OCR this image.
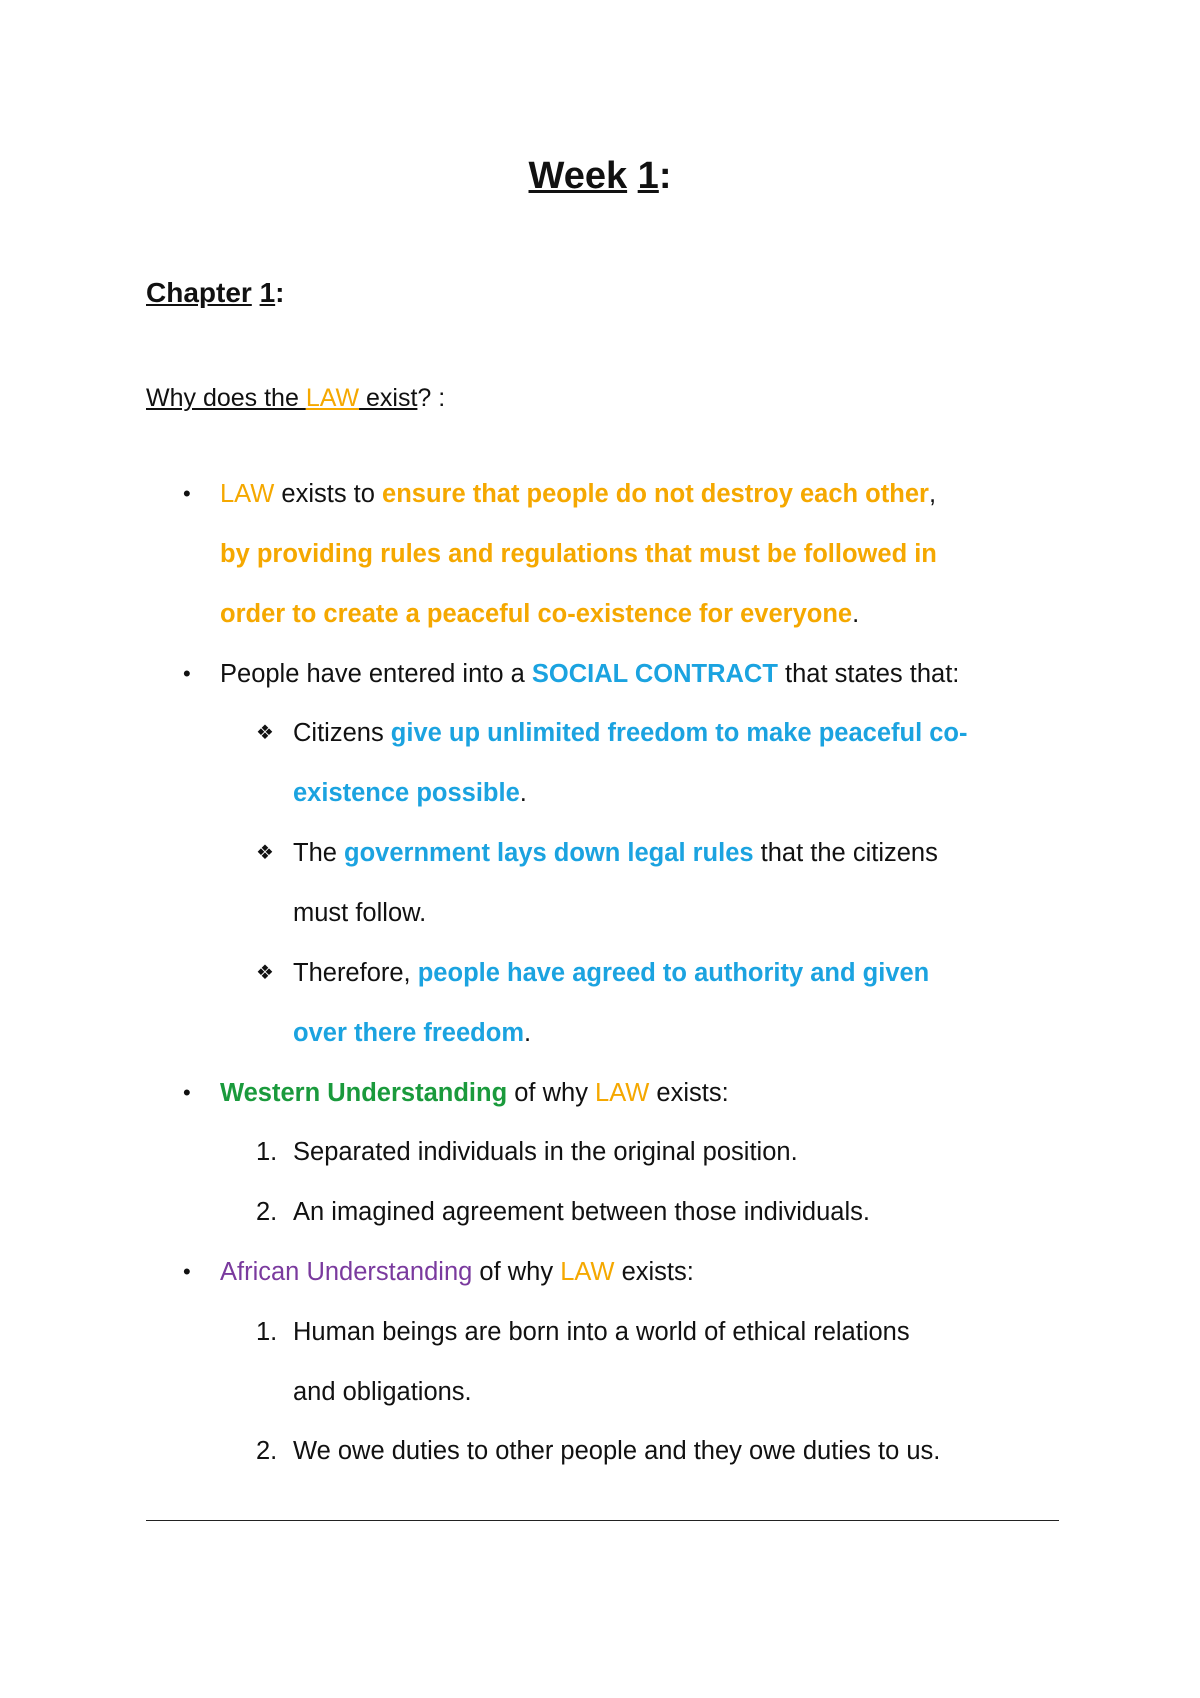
Week 1:
Chapter 1:
Why does the LAW exist? :
• LAW exists to ensure that people do not destroy each other,
by providing rules and regulations that must be followed in
order to create a peaceful co-existence for everyone.
• People have entered into a SOCIAL CONTRACT that states that:
❖ Citizens give up unlimited freedom to make peaceful co-
existence possible.
❖ The government lays down legal rules that the citizens
must follow.
❖ Therefore, people have agreed to authority and given
over there freedom.
• Western Understanding of why LAW exists:
1. Separated individuals in the original position.
2. An imagined agreement between those individuals.
• African Understanding of why LAW exists:
1. Human beings are born into a world of ethical relations
and obligations.
2. We owe duties to other people and they owe duties to us.
